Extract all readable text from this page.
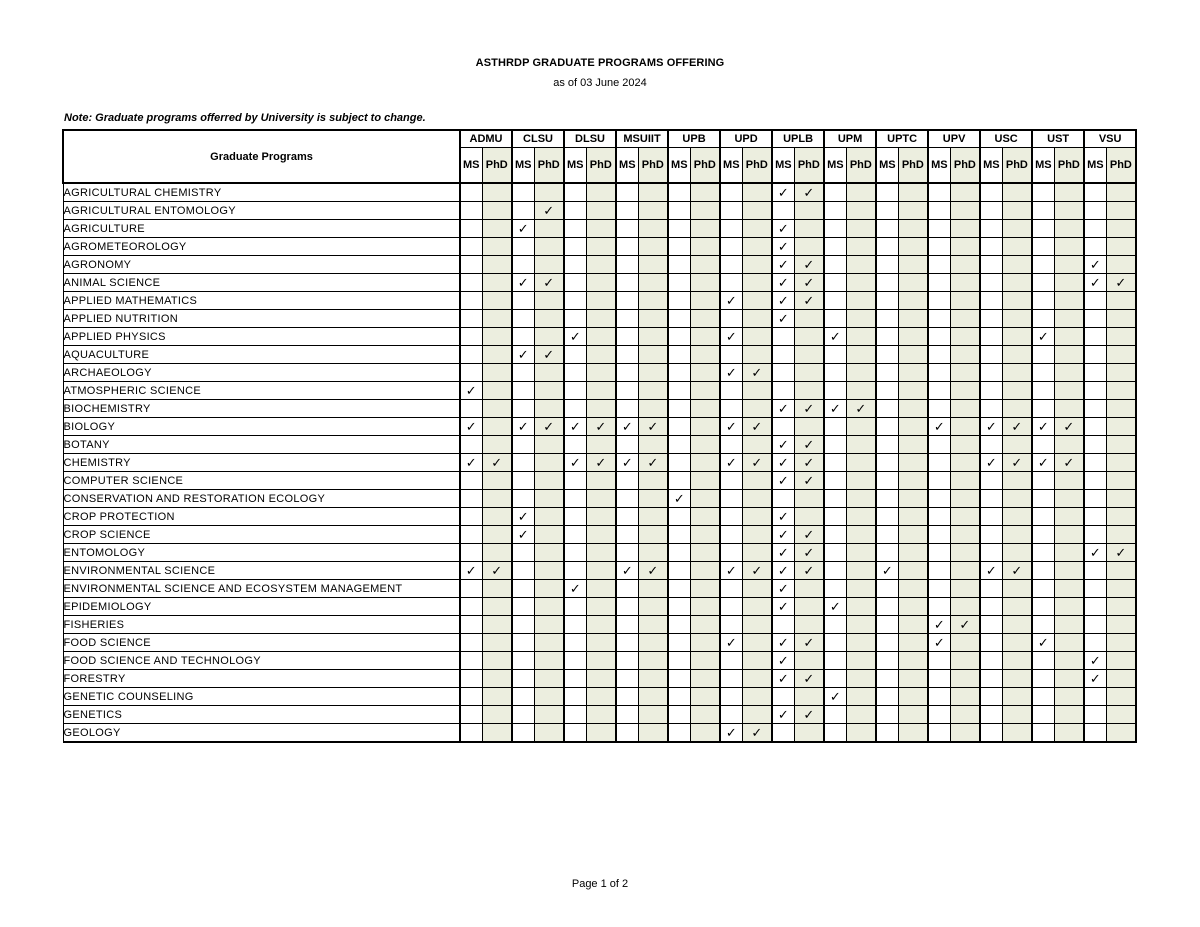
ASTHRDP GRADUATE PROGRAMS OFFERING
as of 03 June 2024
Note: Graduate programs offerred by University is subject to change.
Graduate Programs	ADMU		CLSU		DLSU		MSUIIT		UPB		UPD		UPLB		UPM		UPTC		UPV		USC		UST		VSU	
	MS	PhD	MS	PhD	MS	PhD	MS	PhD	MS	PhD	MS	PhD	MS	PhD	MS	PhD	MS	PhD	MS	PhD	MS	PhD	MS	PhD	MS	PhD
AGRICULTURAL CHEMISTRY													✓	✓												
AGRICULTURAL ENTOMOLOGY				✓																						
AGRICULTURE			✓										✓													
AGROMETEOROLOGY													✓													
AGRONOMY													✓	✓											✓	
ANIMAL SCIENCE			✓	✓									✓	✓											✓	✓
APPLIED MATHEMATICS											✓		✓	✓												
APPLIED NUTRITION													✓													
APPLIED PHYSICS					✓						✓				✓								✓			
AQUACULTURE			✓	✓																						
ARCHAEOLOGY											✓	✓														
ATMOSPHERIC SCIENCE	✓																									
BIOCHEMISTRY													✓	✓	✓	✓										
BIOLOGY	✓		✓	✓	✓	✓	✓	✓			✓	✓							✓		✓	✓	✓	✓		
BOTANY													✓	✓												
CHEMISTRY	✓	✓			✓	✓	✓	✓			✓	✓	✓	✓							✓	✓	✓	✓		
COMPUTER SCIENCE													✓	✓												
CONSERVATION AND RESTORATION ECOLOGY									✓																	
CROP PROTECTION			✓										✓													
CROP SCIENCE			✓										✓	✓												
ENTOMOLOGY													✓	✓											✓	✓
ENVIRONMENTAL SCIENCE	✓	✓					✓	✓			✓	✓	✓	✓			✓				✓	✓				
ENVIRONMENTAL SCIENCE AND ECOSYSTEM MANAGEMENT					✓								✓													
EPIDEMIOLOGY													✓		✓											
FISHERIES																			✓	✓						
FOOD SCIENCE											✓		✓	✓					✓				✓			
FOOD SCIENCE AND TECHNOLOGY													✓												✓	
FORESTRY													✓	✓											✓	
GENETIC COUNSELING															✓											
GENETICS													✓	✓												
GEOLOGY											✓	✓														
Page 1 of 2
